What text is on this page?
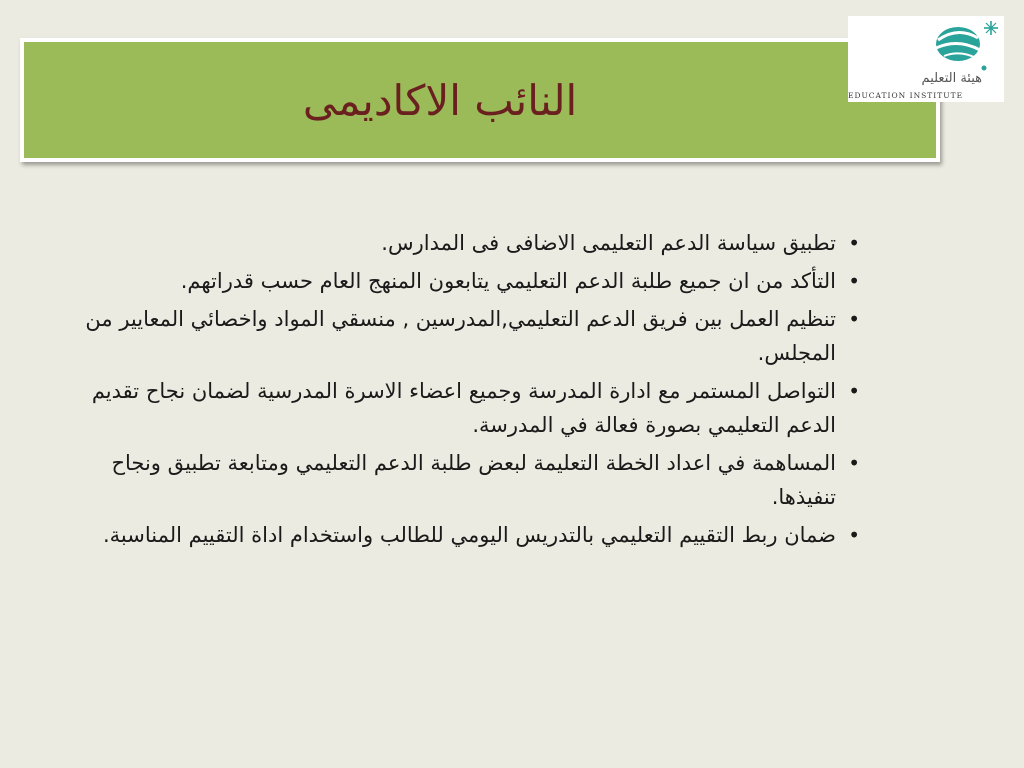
النائب الاكاديمى	هيئة التعليم
EDUCATION INSTITUTE
•
تطبيق سياسة الدعم التعليمى الاضافى فى المدارس.
•
التأكد من ان جميع طلبة الدعم التعليمي يتابعون المنهج العام حسب قدراتهم.
•
تنظيم العمل بين فريق الدعم التعليمي,المدرسين , منسقي المواد واخصائي المعايير من المجلس.
•
التواصل المستمر مع ادارة المدرسة وجميع اعضاء الاسرة المدرسية لضمان نجاح تقديم الدعم التعليمي بصورة فعالة في المدرسة.
•
المساهمة في اعداد الخطة التعليمة لبعض طلبة الدعم التعليمي ومتابعة تطبيق ونجاح تنفيذها.
•
ضمان ربط التقييم التعليمي بالتدريس اليومي للطالب واستخدام اداة التقييم المناسبة.
